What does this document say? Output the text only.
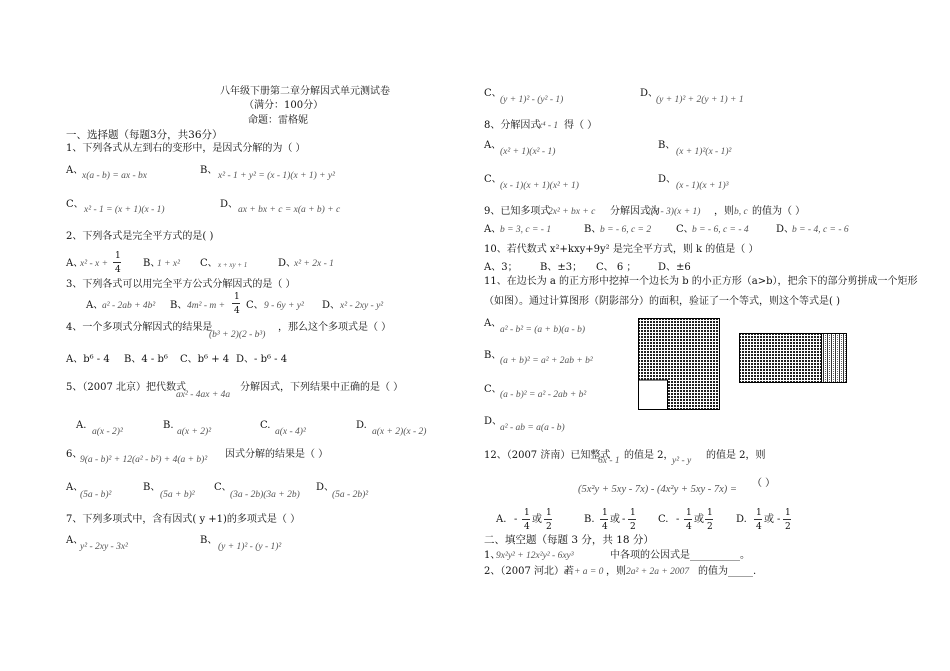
八年级下册第二章分解因式单元测试卷
（满分：100分）
命题：雷格妮
一、选择题（每题3分，共36分）
1、下列各式从左到右的变形中，是因式分解的为（ ）
A、
x(a - b) = ax - bx	B、 x² - 1 + y² = (x - 1)(x + 1) + y²
C、 x² - 1 = (x + 1)(x - 1)	D、 ax + bx + c = x(a + b) + c
2、下列各式是完全平方式的是( )
A、
x² - x +
1
4
B、
1 + x² C、 x + xy + 1	D、
x² + 2x - 1
3、下列各式可以用完全平方公式分解因式的是（ ）
A、
a² - 2ab + 4b² B、 4m² - m +
1
4 C、 9 - 6y + y² D、 x² - 2xy - y²
4、一个多项式分解因式的结果是
(b³ + 2)(2 - b³)
，那么这个多项式是（ ）
A、b⁶ - 4 B、4 - b⁶ C、b⁶ + 4 D、- b⁶ - 4
5、（2007 北京）把代数式
ax² - 4ax + 4a
分解因式，下列结果中正确的是（ ）
A.
a(x - 2)²
B.
a(x + 2)²
C.
a(x - 4)²
D.
a(x + 2)(x - 2)
6、
9(a - b)² + 12(a² - b²) + 4(a + b)² 因式分解的结果是（ ）
A、
(5a - b)²
B、
(5a + b)²
C、
(3a - 2b)(3a + 2b)
D、
(5a - 2b)²
7、下列多项式中，含有因式( y +1)的多项式是（ ）
A、
y² - 2xy - 3x²
B、
(y + 1)² - (y - 1)²
C、
(y + 1)² - (y² - 1)
D、
(y + 1)² + 2(y + 1) + 1
8、分解因式
x⁴ - 1 得（ ）
A、
(x² + 1)(x² - 1)
B、
(x + 1)²(x - 1)²
C、
(x - 1)(x + 1)(x² + 1)
D、
(x - 1)(x + 1)³
9、已知多项式
2x² + bx + c 分解因式为
2(x - 3)(x + 1) ，则 b, c 的值为（ ）
A、
b = 3, c = - 1	B、
b = - 6, c = 2 C、
b = - 6, c = - 4	D、
b = - 4, c = - 6
10、若代数式 x²+kxy+9y² 是完全平方式，则 k 的值是（ ）
A、3； B、±3； C、 6 ； D、±6
11、在边长为 a 的正方形中挖掉一个边长为 b 的小正方形（a>b），把余下的部分剪拼成一个矩形
（如图）。通过计算图形（阴影部分）的面积，验证了一个等式，则这个等式是( )
A、
a² - b² = (a + b)(a - b)
B、
(a + b)² = a² + 2ab + b²
C、
(a - b)² = a² - 2ab + b²
D、
a² - ab = a(a - b)
12、（2007 济南）已知整式
6x - 1 的值是 2，
y² - y 的值是 2，则
(5x²y + 5xy - 7x) - (4x²y + 5xy - 7x) =
（ ）
A. -
1
4
或
1
2
B.
1
4
或 -
1
2
C. -
1
4
或
1
2
D.
1
4
或 -
1
2
二、填空题（每题 3 分，共 18 分）
1、
9x²y² + 12x²y² - 6xy³	中各项的公因式是__________。
2、（2007 河北）若
a² + a = 0 ，则 2a² + 2a + 2007 的值为_____.
